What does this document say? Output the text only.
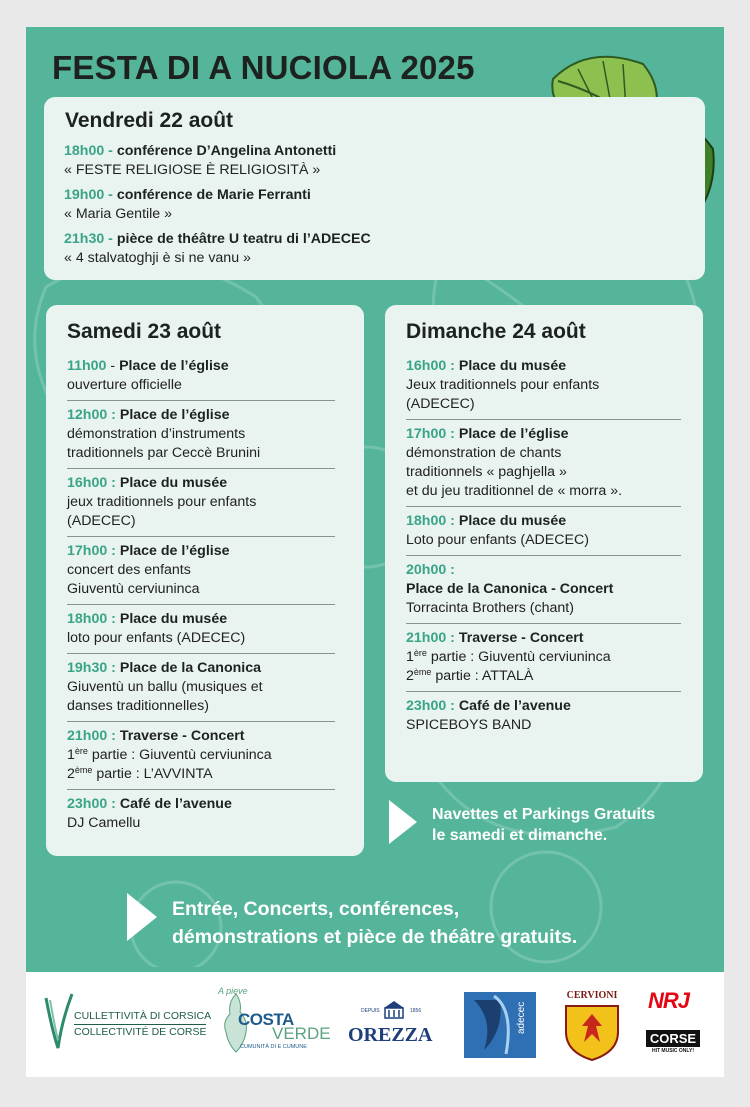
FESTA DI A NUCIOLA 2025
Vendredi 22 août
18h00 - conférence D’Angelina Antonetti
« FESTE RELIGIOSE È RELIGIOSITÀ »
19h00 - conférence de Marie Ferranti
« Maria Gentile »
21h30 - pièce de théâtre U teatru di l’ADECEC
« 4 stalvatoghji è si ne vanu »
Samedi 23 août
11h00 - Place de l’église
ouverture officielle
12h00 : Place de l’église
démonstration d’instruments
traditionnels par Ceccè Brunini
16h00 : Place du musée
jeux traditionnels pour enfants
(ADECEC)
17h00 : Place de l’église
concert des enfants
Giuventù cerviuninca
18h00 : Place du musée
loto pour enfants (ADECEC)
19h30 : Place de la Canonica
Giuventù un ballu (musiques et
danses traditionnelles)
21h00 : Traverse - Concert
1ère partie : Giuventù cerviuninca
2ème partie : L’AVVINTA
23h00 : Café de l’avenue
DJ Camellu
Dimanche 24 août
16h00 : Place du musée
Jeux traditionnels pour enfants
(ADECEC)
17h00 : Place de l’église
démonstration de chants
traditionnels « paghjella »
et du jeu traditionnel de « morra ».
18h00 : Place du musée
Loto pour enfants (ADECEC)
20h00 :
Place de la Canonica - Concert
Torracinta Brothers (chant)
21h00 : Traverse - Concert
1ère partie : Giuventù cerviuninca
2ème partie : ATTALÀ
23h00 : Café de l’avenue
SPICEBOYS BAND
Navettes et Parkings Gratuits
le samedi et dimanche.
Entrée, Concerts, conférences,
démonstrations et pièce de théâtre gratuits.
CULLETTIVITÀ DI CORSICA
COLLECTIVITÉ DE CORSE
A pieve
COSTA
VERDE
CUMUNITÀ DI E CUMUNE
DEPUIS	1856
OREZZA
adecec
CERVIONI	NRJ
CORSE
HIT MUSIC ONLY!
